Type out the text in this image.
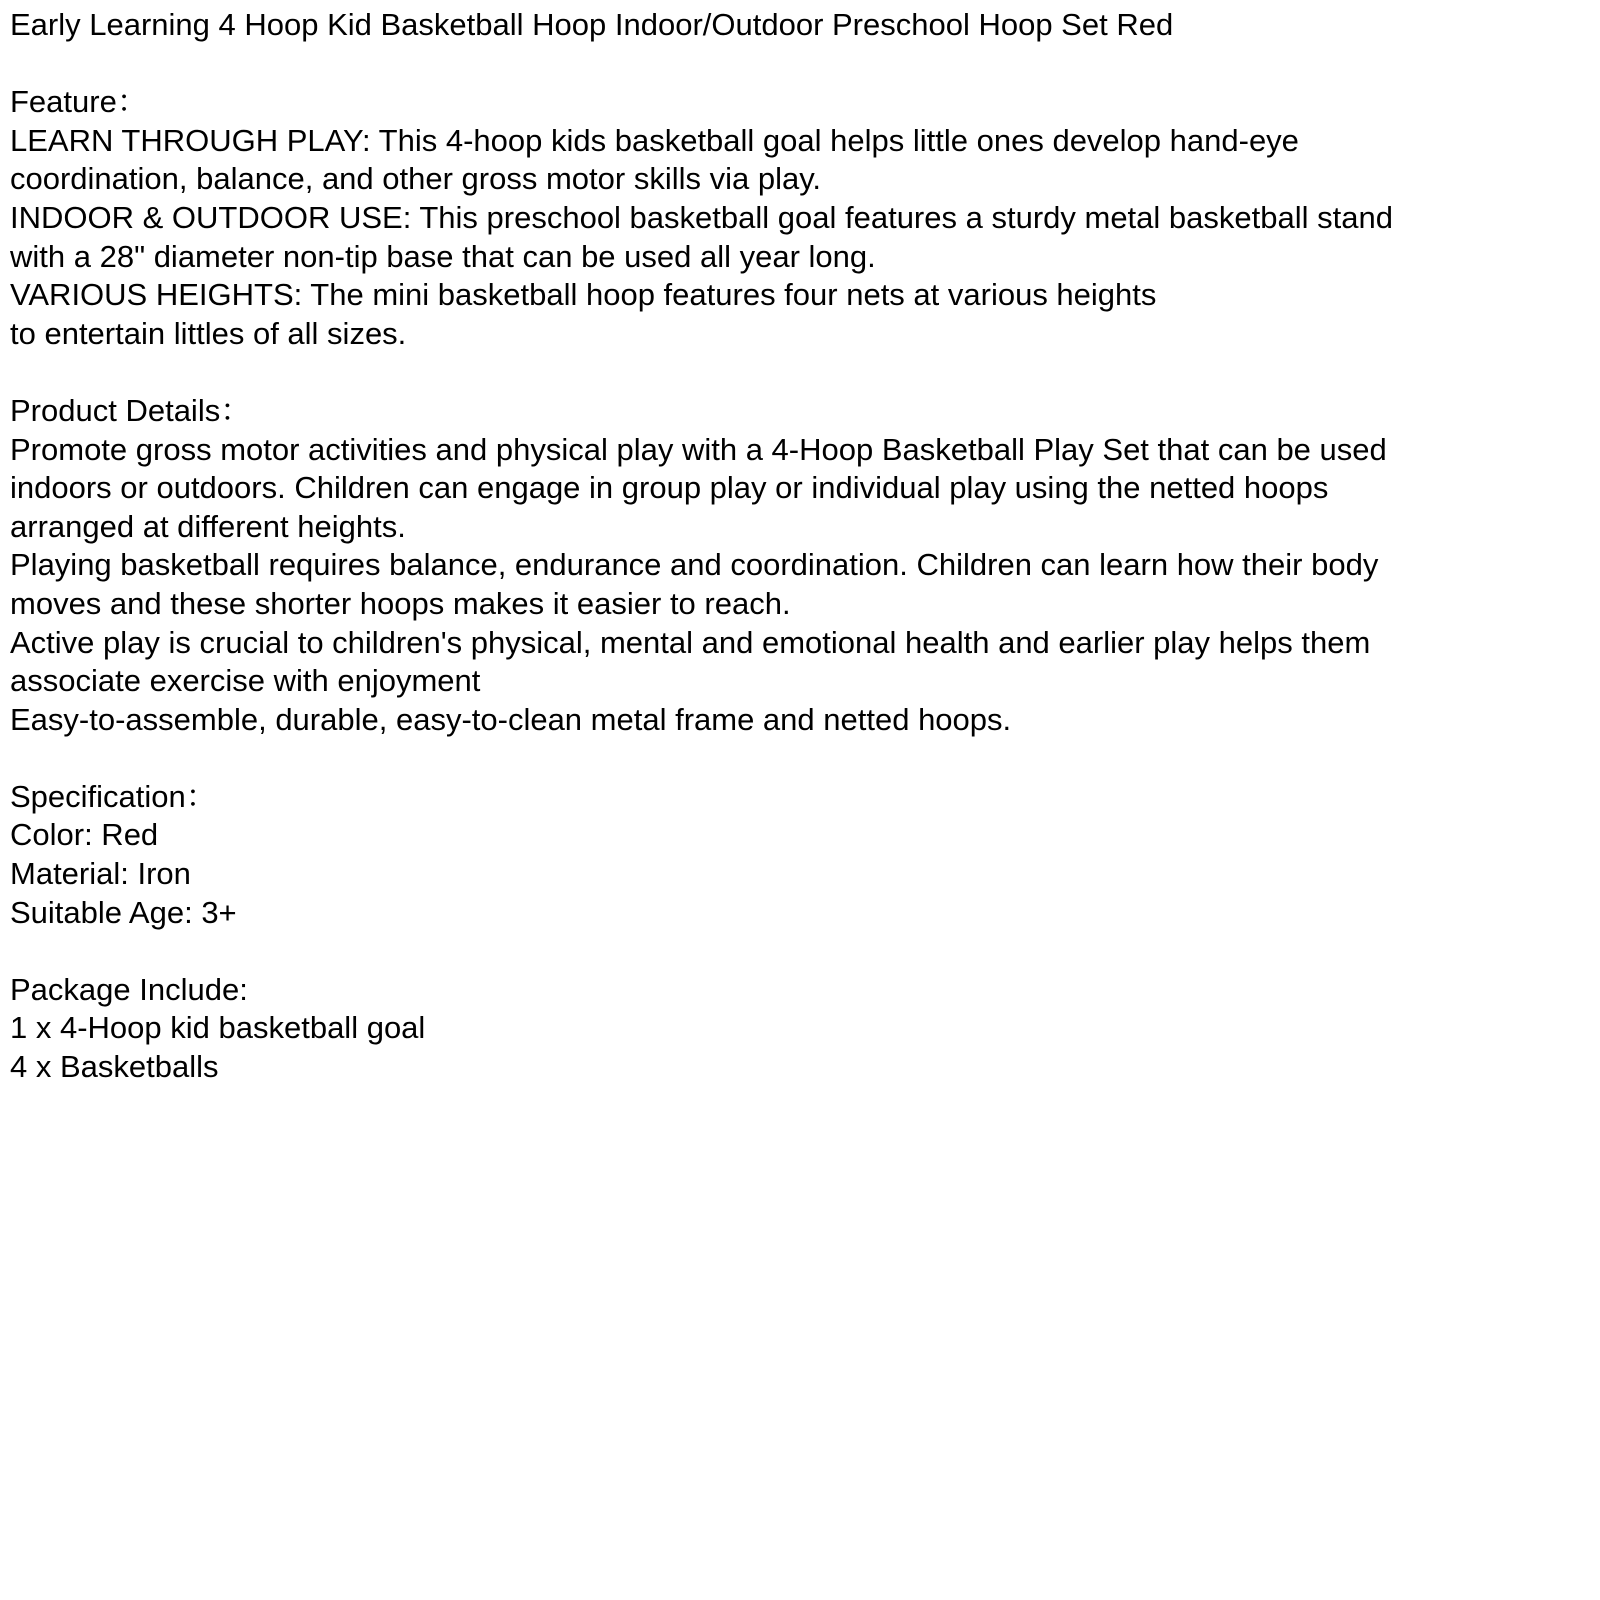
Early Learning 4 Hoop Kid Basketball Hoop Indoor/Outdoor Preschool Hoop Set Red
Feature：
LEARN THROUGH PLAY: This 4-hoop kids basketball goal helps little ones develop hand-eye
coordination, balance, and other gross motor skills via play.
INDOOR & OUTDOOR USE: This preschool basketball goal features a sturdy metal basketball stand
with a 28" diameter non-tip base that can be used all year long.
VARIOUS HEIGHTS: The mini basketball hoop features four nets at various heights
to entertain littles of all sizes.
Product Details：
Promote gross motor activities and physical play with a 4-Hoop Basketball Play Set that can be used
indoors or outdoors. Children can engage in group play or individual play using the netted hoops
arranged at different heights.
Playing basketball requires balance, endurance and coordination. Children can learn how their body
moves and these shorter hoops makes it easier to reach.
Active play is crucial to children's physical, mental and emotional health and earlier play helps them
associate exercise with enjoyment
Easy-to-assemble, durable, easy-to-clean metal frame and netted hoops.
Specification：
Color: Red
Material: Iron
Suitable Age: 3+
Package Include:
1 x 4-Hoop kid basketball goal
4 x Basketballs
